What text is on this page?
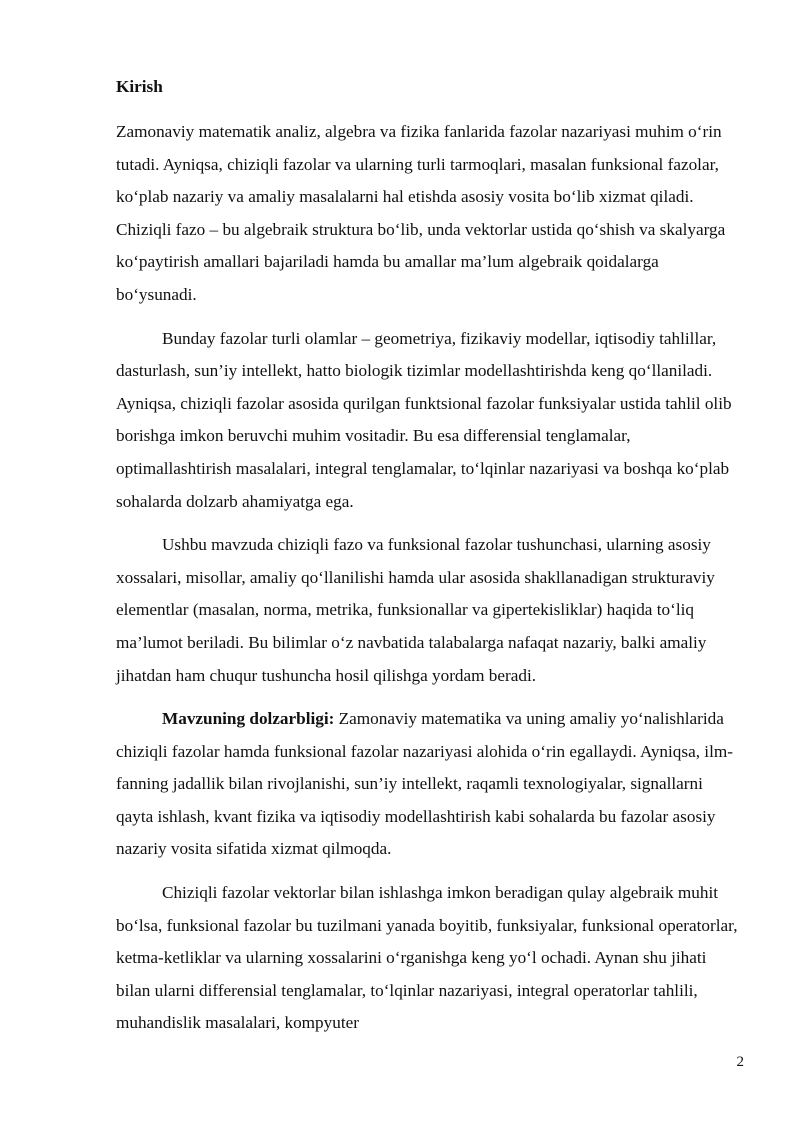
Kirish

Zamonaviy matematik analiz, algebra va fizika fanlarida fazolar nazariyasi muhim o‘rin tutadi. Ayniqsa, chiziqli fazolar va ularning turli tarmoqlari, masalan funksional fazolar, ko‘plab nazariy va amaliy masalalarni hal etishda asosiy vosita bo‘lib xizmat qiladi. Chiziqli fazo – bu algebraik struktura bo‘lib, unda vektorlar ustida qo‘shish va skalyarga ko‘paytirish amallari bajariladi hamda bu amallar ma’lum algebraik qoidalarga bo‘ysunadi.

Bunday fazolar turli olamlar – geometriya, fizikaviy modellar, iqtisodiy tahlillar, dasturlash, sun’iy intellekt, hatto biologik tizimlar modellashtirishda keng qo‘llaniladi. Ayniqsa, chiziqli fazolar asosida qurilgan funktsional fazolar funksiyalar ustida tahlil olib borishga imkon beruvchi muhim vositadir. Bu esa differensial tenglamalar, optimallashtirish masalalari, integral tenglamalar, to‘lqinlar nazariyasi va boshqa ko‘plab sohalarda dolzarb ahamiyatga ega.

Ushbu mavzuda chiziqli fazo va funksional fazolar tushunchasi, ularning asosiy xossalari, misollar, amaliy qo‘llanilishi hamda ular asosida shakllanadigan strukturaviy elementlar (masalan, norma, metrika, funksionallar va gipertekisliklar) haqida to‘liq ma’lumot beriladi. Bu bilimlar o‘z navbatida talabalarga nafaqat nazariy, balki amaliy jihatdan ham chuqur tushuncha hosil qilishga yordam beradi.

Mavzuning dolzarbligi: Zamonaviy matematika va uning amaliy yo‘nalishlarida chiziqli fazolar hamda funksional fazolar nazariyasi alohida o‘rin egallaydi. Ayniqsa, ilm-fanning jadallik bilan rivojlanishi, sun’iy intellekt, raqamli texnologiyalar, signallarni qayta ishlash, kvant fizika va iqtisodiy modellashtirish kabi sohalarda bu fazolar asosiy nazariy vosita sifatida xizmat qilmoqda.

Chiziqli fazolar vektorlar bilan ishlashga imkon beradigan qulay algebraik muhit bo‘lsa, funksional fazolar bu tuzilmani yanada boyitib, funksiyalar, funksional operatorlar, ketma-ketliklar va ularning xossalarini o‘rganishga keng yo‘l ochadi. Aynan shu jihati bilan ularni differensial tenglamalar, to‘lqinlar nazariyasi, integral operatorlar tahlili, muhandislik masalalari, kompyuter

2
